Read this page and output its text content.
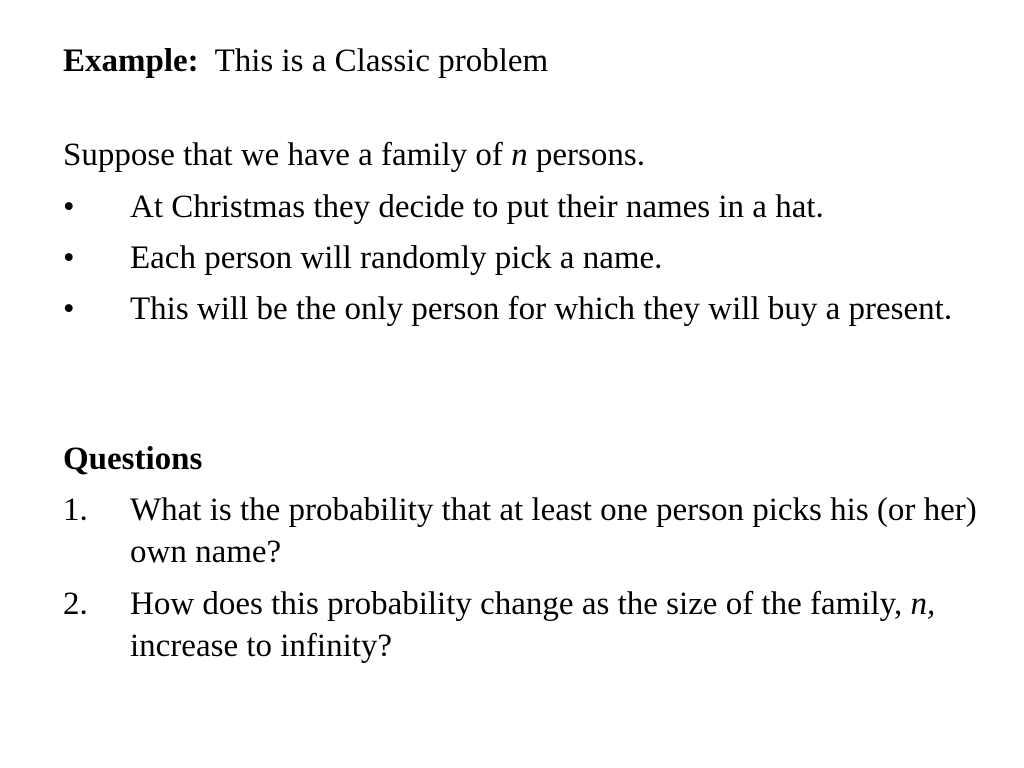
Example: This is a Classic problem
Suppose that we have a family of n persons.
• At Christmas they decide to put their names in a hat.
• Each person will randomly pick a name.
• This will be the only person for which they will buy a present.
Questions
1. What is the probability that at least one person picks his (or her) own name?
2. How does this probability change as the size of the family, n, increase to infinity?
